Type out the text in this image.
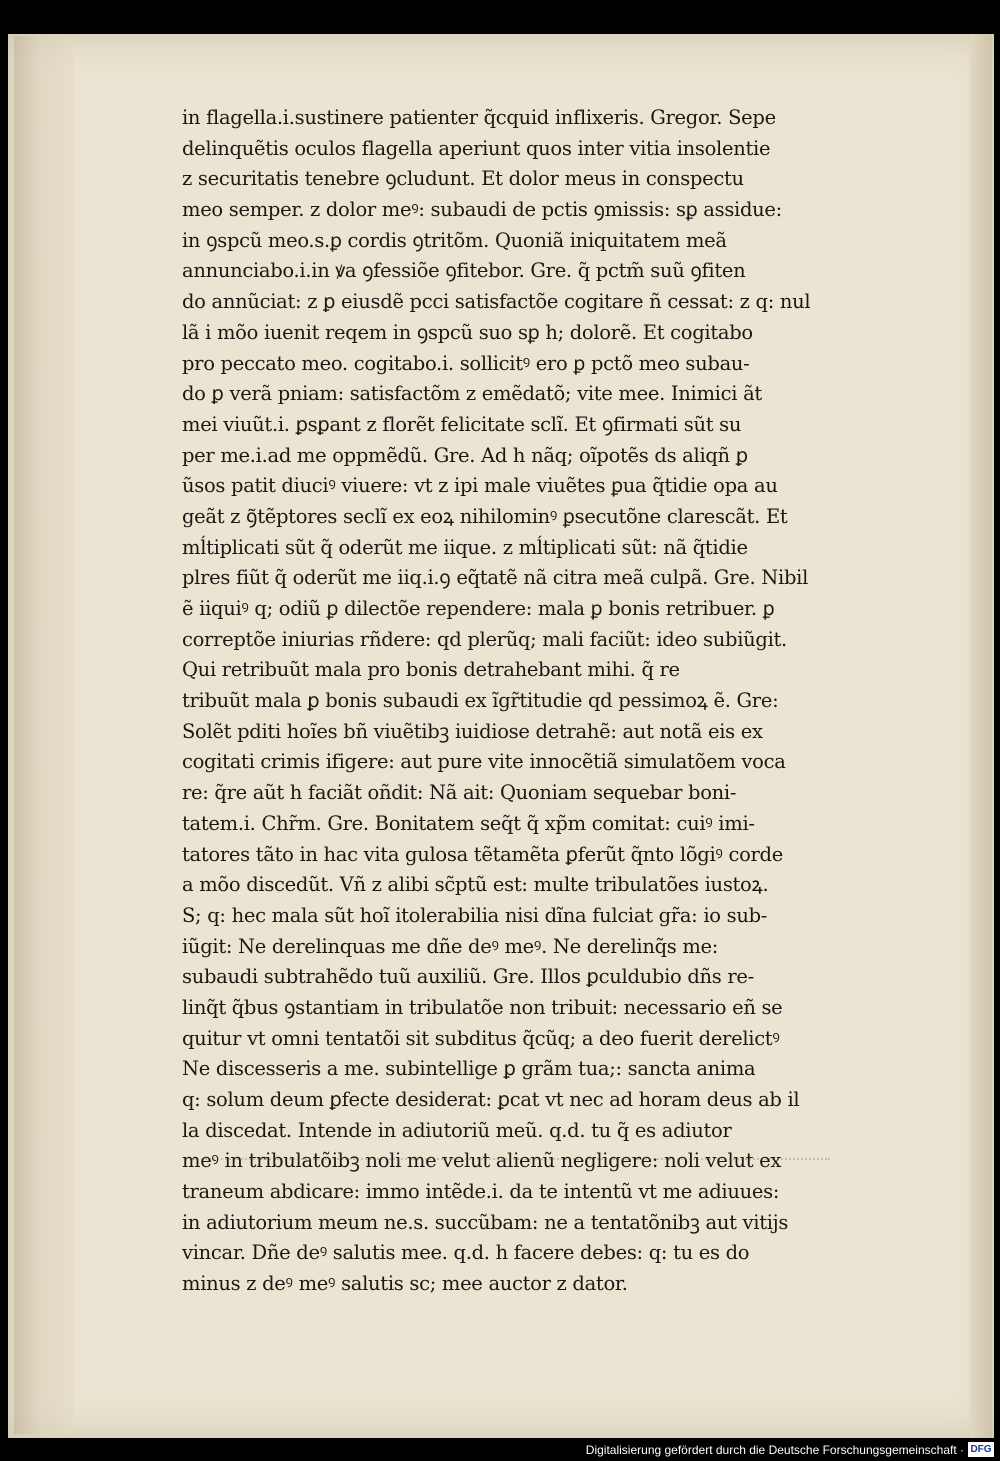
in flagella.i.sustinere patienter q̃cquid inflixeris. Gregor. Sepe
delinquẽtis oculos flagella aperiunt quos inter vitia insolentie
z securitatis tenebre ꝯcludunt. Et dolor meus in conspectu
meo semper. z dolor meꝰ: subaudi de pctis ꝯmissis: sꝑ assidue:
in ꝯspcũ meo.s.ꝑ cordis ꝯtritõm. Quoniã iniquitatem meã
annunciabo.i.in ꝟa ꝯfessiõe ꝯfitebor. Gre. q̃ pctm̃ suũ ꝯfiten
do annũciat: z ꝑ eiusdẽ pcci satisfactõe cogitare ñ cessat: z q: nul
lã i mõo iuenit reqem in ꝯspcũ suo sꝑ h; dolorẽ. Et cogitabo
pro peccato meo. cogitabo.i. sollicitꝰ ero ꝑ pctõ meo subau-
do ꝑ verã pniam: satisfactõm z emẽdatõ; vite mee. Inimici ãt
mei viuũt.i. ꝑsꝑant z florẽt felicitate sclĩ. Et ꝯfirmati sũt su
per me.i.ad me oppmẽdũ. Gre. Ad h nãq; oĩpotẽs ds aliqñ ꝑ
ũsos patit diuciꝰ viuere: vt z ipi male viuẽtes ꝑua q̃tidie opa au
geãt z ꝯ̃tẽptores seclĩ ex eoꝝ nihilominꝰ ꝑsecutõne clarescãt. Et
mĺtiplicati sũt q̃ oderũt me iique. z mĺtiplicati sũt: nã q̃tidie
plres fiũt q̃ oderũt me iiq.i.ꝯ eq̃tatẽ nã citra meã culpã. Gre. Nibil
ẽ iiquiꝰ q; odiũ ꝑ dilectõe rependere: mala ꝑ bonis retribuer. ꝑ
correptõe iniurias rñdere: qd plerũq; mali faciũt: ideo subiũgit.
Qui retribuũt mala pro bonis detrahebant mihi. q̃ re
tribuũt mala ꝑ bonis subaudi ex ĩgr̃titudie qd pessimoꝝ ẽ. Gre:
Solẽt pditi hoĩes bñ viuẽtibꝫ iuidiose detrahẽ: aut notã eis ex
cogitati crimis ifigere: aut pure vite innocẽtiã simulatõem voca
re: q̃re aũt h faciãt oñdit: Nã ait: Quoniam sequebar boni-
tatem.i. Chr̃m. Gre. Bonitatem seq̃t q̃ xp̃m comitat: cuiꝰ imi-
tatores tãto in hac vita gulosa tẽtamẽta ꝑferũt q̃nto lõgiꝰ corde
a mõo discedũt. Vñ z alibi sc̃ptũ est: multe tribulatões iustoꝝ.
S; q: hec mala sũt hoĩ itolerabilia nisi dĩna fulciat gr̃a: io sub-
iũgit: Ne derelinquas me dñe deꝰ meꝰ. Ne derelinq̃s me:
subaudi subtrahẽdo tuũ auxiliũ. Gre. Illos ꝑculdubio dñs re-
linq̃t q̃bus ꝯstantiam in tribulatõe non tribuit: necessario eñ se
quitur vt omni tentatõi sit subditus q̃cũq; a deo fuerit derelictꝰ
Ne discesseris a me. subintellige ꝑ grãm tua;: sancta anima
q: solum deum ꝑfecte desiderat: ꝑcat vt nec ad horam deus ab il
la discedat. Intende in adiutoriũ meũ. q.d. tu q̃ es adiutor
meꝰ in tribulatõibꝫ noli me velut alienũ negligere: noli velut ex
traneum abdicare: immo intẽde.i. da te intentũ vt me adiuues:
in adiutorium meum ne.s. succũbam: ne a tentatõnibꝫ aut vitijs
vincar. Dñe deꝰ salutis mee. q.d. h facere debes: q: tu es do
minus z deꝰ meꝰ salutis sc; mee auctor z dator.
Digitalisierung gefördert durch die Deutsche Forschungsgemeinschaft · DFG
